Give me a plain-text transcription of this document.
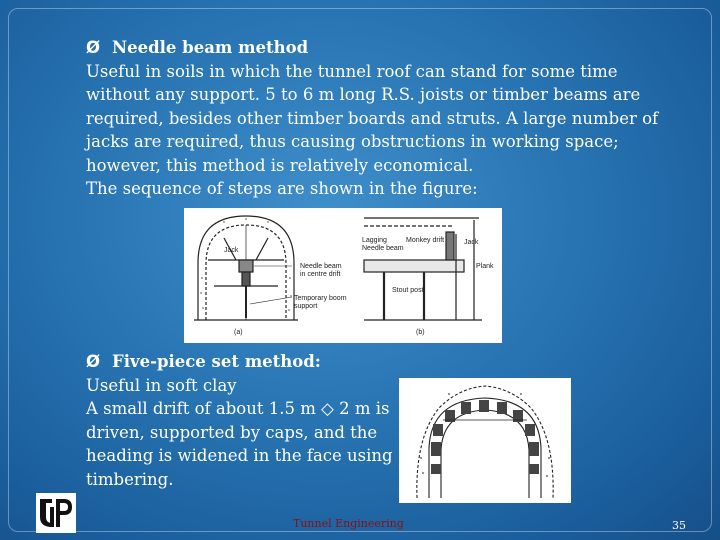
Ø Needle beam method
Useful in soils in which the tunnel roof can stand for some time
without any support. 5 to 6 m long R.S. joists or timber beams are
required, besides other timber boards and struts. A large number of
jacks are required, thus causing obstructions in working space;
however, this method is relatively economical.
The sequence of steps are shown in the figure:
Jack
Needle beam
in centre drift
Temporary boom
support
(a)
Lagging
Needle beam
Monkey drift	Jack
Plank
Stout post
(b)
Ø Five-piece set method:
Useful in soft clay
A small drift of about 1.5 m ◇ 2 m is
driven, supported by caps, and the
heading is widened in the face using
timbering.
Tunnel Engineering	35
